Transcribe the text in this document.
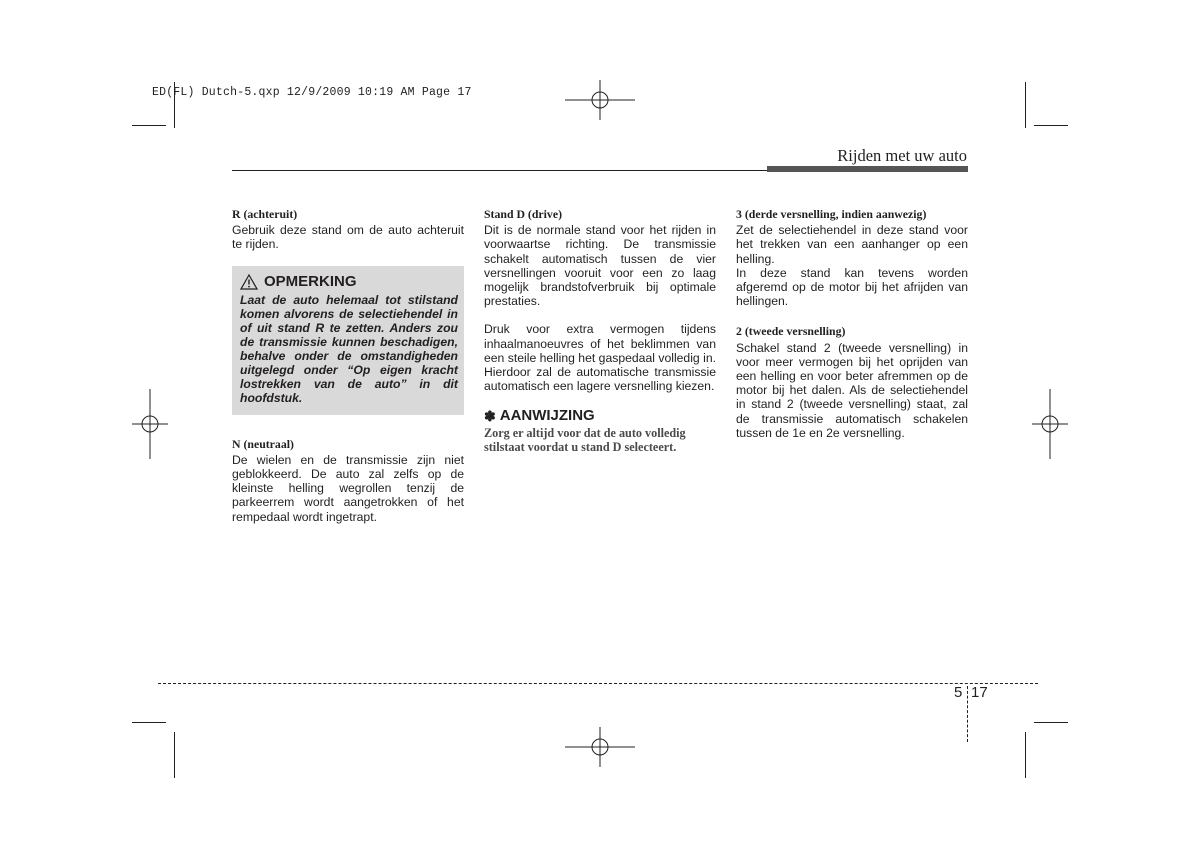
ED(FL) Dutch-5.qxp 12/9/2009 10:19 AM Page 17
Rijden met uw auto

R (achteruit)

Gebruik deze stand om de auto achteruit te rijden.

OPMERKING

Laat de auto helemaal tot stilstand komen alvorens de selectiehendel in of uit stand R te zetten. Anders zou de transmissie kunnen beschadigen, behalve onder de omstandigheden uitgelegd onder “Op eigen kracht lostrekken van de auto” in dit hoofdstuk.

N (neutraal)

De wielen en de transmissie zijn niet geblokkeerd. De auto zal zelfs op de kleinste helling wegrollen tenzij de parkeerrem wordt aangetrokken of het rempedaal wordt ingetrapt.

Stand D (drive)

Dit is de normale stand voor het rijden in voorwaartse richting. De transmissie schakelt automatisch tussen de vier versnellingen vooruit voor een zo laag mogelijk brandstofverbruik bij optimale prestaties.

Druk voor extra vermogen tijdens inhaalmanoeuvres of het beklimmen van een steile helling het gaspedaal volledig in. Hierdoor zal de automatische transmissie automatisch een lagere versnelling kiezen.

✽ AANWIJZING

Zorg er altijd voor dat de auto volledig stilstaat voordat u stand D selecteert.

3 (derde versnelling, indien aanwezig)

Zet de selectiehendel in deze stand voor het trekken van een aanhanger op een helling.

In deze stand kan tevens worden afgeremd op de motor bij het afrijden van hellingen.

2 (tweede versnelling)

Schakel stand 2 (tweede versnelling) in voor meer vermogen bij het oprijden van een helling en voor beter afremmen op de motor bij het dalen. Als de selectiehendel in stand 2 (tweede versnelling) staat, zal de transmissie automatisch schakelen tussen de 1e en 2e versnelling.

5 17
